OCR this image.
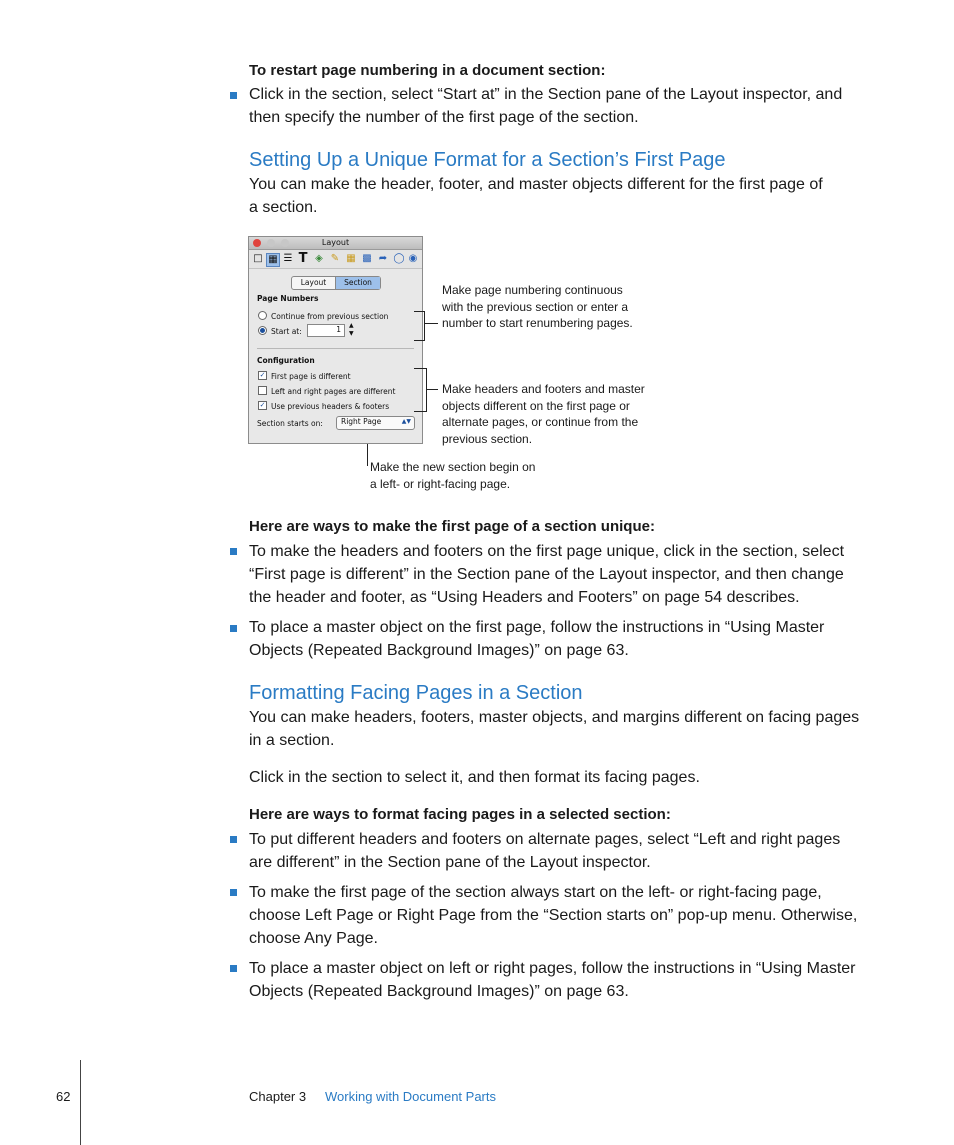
To restart page numbering in a document section:
Click in the section, select “Start at” in the Section pane of the Layout inspector, and
then specify the number of the first page of the section.
Setting Up a Unique Format for a Section’s First Page
You can make the header, footer, and master objects different for the first page of
a section.
Layout
□ ▦ ☰ T ◈ ✎ ▦ ▩ ➦ ◯ ◉
Layout	Section
Page Numbers
Continue from previous section
Start at:	1	▲
▼
Configuration
✓ First page is different
Left and right pages are different
✓ Use previous headers & footers
Section starts on:	Right Page	▲▼
Make page numbering continuous
with the previous section or enter a
number to start renumbering pages.
Make headers and footers and master
objects different on the first page or
alternate pages, or continue from the
previous section.
Make the new section begin on
a left- or right-facing page.
Here are ways to make the first page of a section unique:
To make the headers and footers on the first page unique, click in the section, select
“First page is different” in the Section pane of the Layout inspector, and then change
the header and footer, as “Using Headers and Footers” on page 54 describes.
To place a master object on the first page, follow the instructions in “Using Master
Objects (Repeated Background Images)” on page 63.
Formatting Facing Pages in a Section
You can make headers, footers, master objects, and margins different on facing pages
in a section.
Click in the section to select it, and then format its facing pages.
Here are ways to format facing pages in a selected section:
To put different headers and footers on alternate pages, select “Left and right pages
are different” in the Section pane of the Layout inspector.
To make the first page of the section always start on the left- or right-facing page,
choose Left Page or Right Page from the “Section starts on” pop-up menu. Otherwise,
choose Any Page.
To place a master object on left or right pages, follow the instructions in “Using Master
Objects (Repeated Background Images)” on page 63.
62	Chapter 3 Working with Document Parts
